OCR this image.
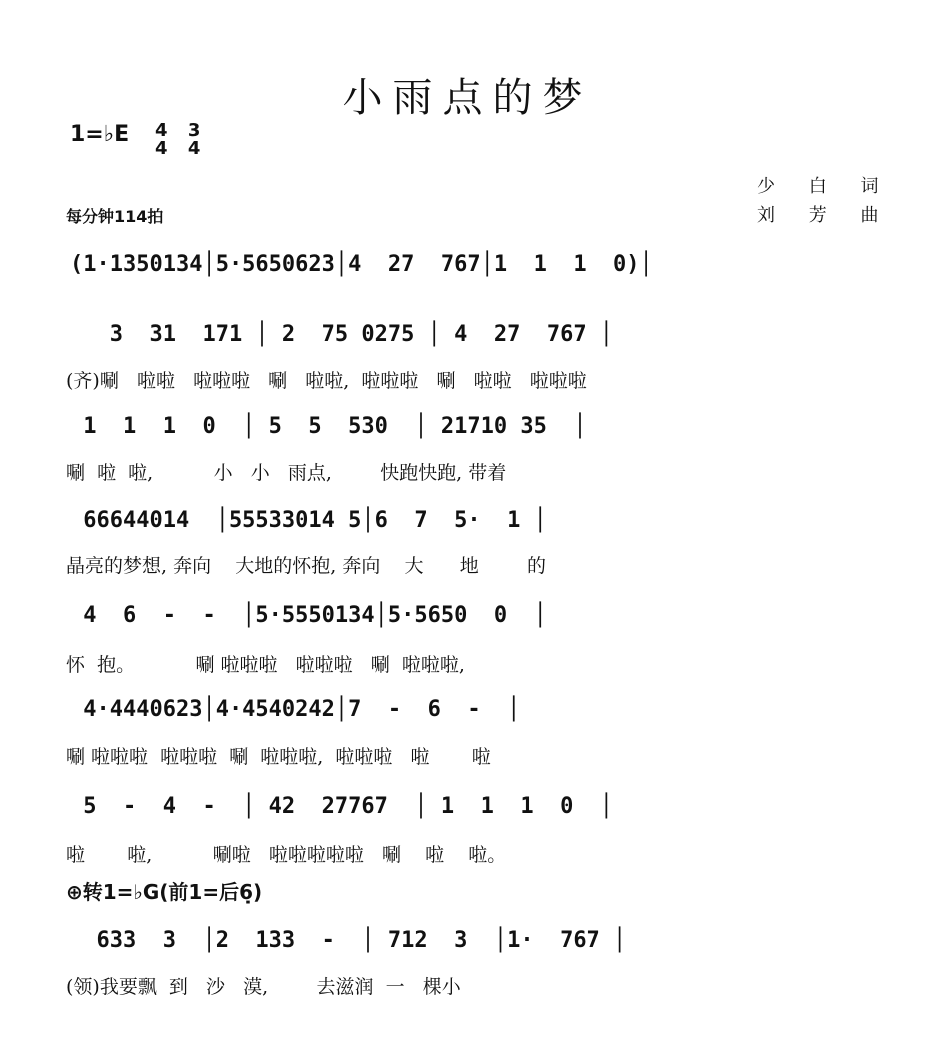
小雨点的梦
1=♭E 4
4

3
4
少 白 词
刘 芳 曲
每分钟114拍
(1·1350134│5·5650623│4  27  767│1  1  1  0)│
3  31  171 │ 2  75 0275 │ 4  27  767 │
(齐)唰   啦啦   啦啦啦   唰   啦啦,  啦啦啦   唰   啦啦   啦啦啦
1  1  1  0  │ 5  5  530  │ 21710 35  │
唰  啦  啦,          小   小   雨点,        快跑快跑, 带着
66644014  │55533014 5│6  7  5·  1 │
晶亮的梦想, 奔向    大地的怀抱, 奔向    大      地        的
4  6  -  -  │5·5550134│5·5650  0  │
怀  抱。          唰 啦啦啦   啦啦啦   唰  啦啦啦,
4·4440623│4·4540242│7  -  6  -  │
唰 啦啦啦  啦啦啦  唰  啦啦啦,  啦啦啦   啦       啦
5  -  4  -  │ 42  27767  │ 1  1  1  0  │
啦       啦,          唰啦   啦啦啦啦啦   唰    啦    啦。
⊕转1=♭G(前1=后6̣)
633  3  │2  133  -  │ 712  3  │1·  767 │
(领)我要飘  到   沙   漠,        去滋润  一   棵小
